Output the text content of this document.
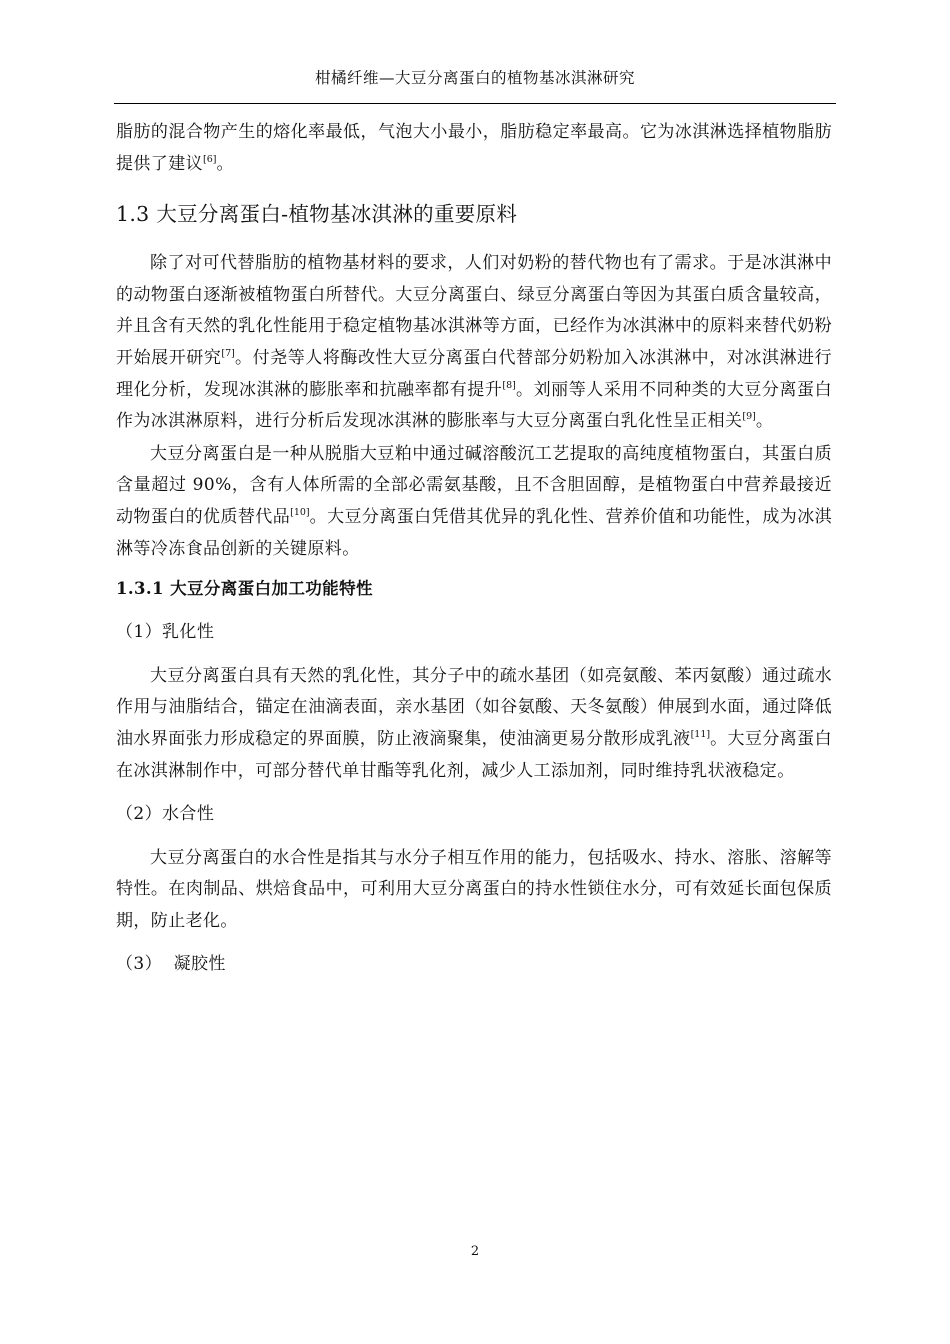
柑橘纤维—大豆分离蛋白的植物基冰淇淋研究

脂肪的混合物产生的熔化率最低，气泡大小最小，脂肪稳定率最高。它为冰淇淋选择植物脂肪提供了建议[6]。

1.3 大豆分离蛋白-植物基冰淇淋的重要原料

除了对可代替脂肪的植物基材料的要求，人们对奶粉的替代物也有了需求。于是冰淇淋中的动物蛋白逐渐被植物蛋白所替代。大豆分离蛋白、绿豆分离蛋白等因为其蛋白质含量较高，并且含有天然的乳化性能用于稳定植物基冰淇淋等方面，已经作为冰淇淋中的原料来替代奶粉开始展开研究[7]。付尧等人将酶改性大豆分离蛋白代替部分奶粉加入冰淇淋中，对冰淇淋进行理化分析，发现冰淇淋的膨胀率和抗融率都有提升[8]。刘丽等人采用不同种类的大豆分离蛋白作为冰淇淋原料，进行分析后发现冰淇淋的膨胀率与大豆分离蛋白乳化性呈正相关[9]。

大豆分离蛋白是一种从脱脂大豆粕中通过碱溶酸沉工艺提取的高纯度植物蛋白，其蛋白质含量超过 90%，含有人体所需的全部必需氨基酸，且不含胆固醇，是植物蛋白中营养最接近动物蛋白的优质替代品[10]。大豆分离蛋白凭借其优异的乳化性、营养价值和功能性，成为冰淇淋等冷冻食品创新的关键原料。

1.3.1 大豆分离蛋白加工功能特性

（1）乳化性

大豆分离蛋白具有天然的乳化性，其分子中的疏水基团（如亮氨酸、苯丙氨酸）通过疏水作用与油脂结合，锚定在油滴表面，亲水基团（如谷氨酸、天冬氨酸）伸展到水面，通过降低油水界面张力形成稳定的界面膜，防止液滴聚集，使油滴更易分散形成乳液[11]。大豆分离蛋白在冰淇淋制作中，可部分替代单甘酯等乳化剂，减少人工添加剂，同时维持乳状液稳定。

（2）水合性

大豆分离蛋白的水合性是指其与水分子相互作用的能力，包括吸水、持水、溶胀、溶解等特性。在肉制品、烘焙食品中，可利用大豆分离蛋白的持水性锁住水分，可有效延长面包保质期，防止老化。

（3）  凝胶性

2
